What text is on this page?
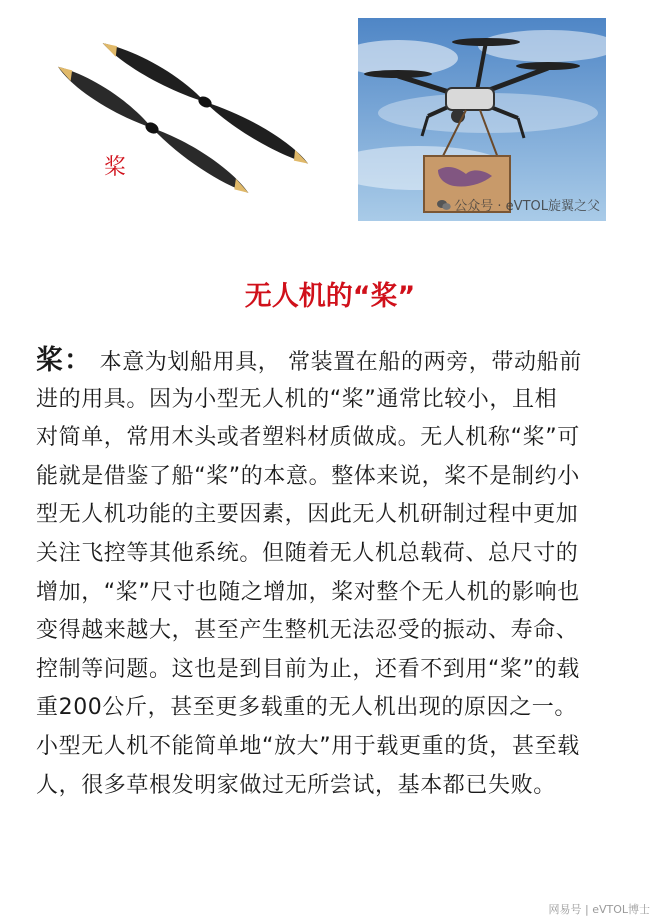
桨
公众号 · eVTOL旋翼之父
无人机的“桨”
桨： 本意为划船用具， 常装置在船的两旁，带动船前
进的用具。因为小型无人机的“桨”通常比较小，且相
对简单，常用木头或者塑料材质做成。无人机称“桨”可
能就是借鉴了船“桨”的本意。整体来说，桨不是制约小
型无人机功能的主要因素，因此无人机研制过程中更加
关注飞控等其他系统。但随着无人机总载荷、总尺寸的
增加，“桨”尺寸也随之增加，桨对整个无人机的影响也
变得越来越大，甚至产生整机无法忍受的振动、寿命、
控制等问题。这也是到目前为止，还看不到用“桨”的载
重200公斤，甚至更多载重的无人机出现的原因之一。
小型无人机不能简单地“放大”用于载更重的货，甚至载
人，很多草根发明家做过无所尝试，基本都已失败。
网易号 | eVTOL博士
